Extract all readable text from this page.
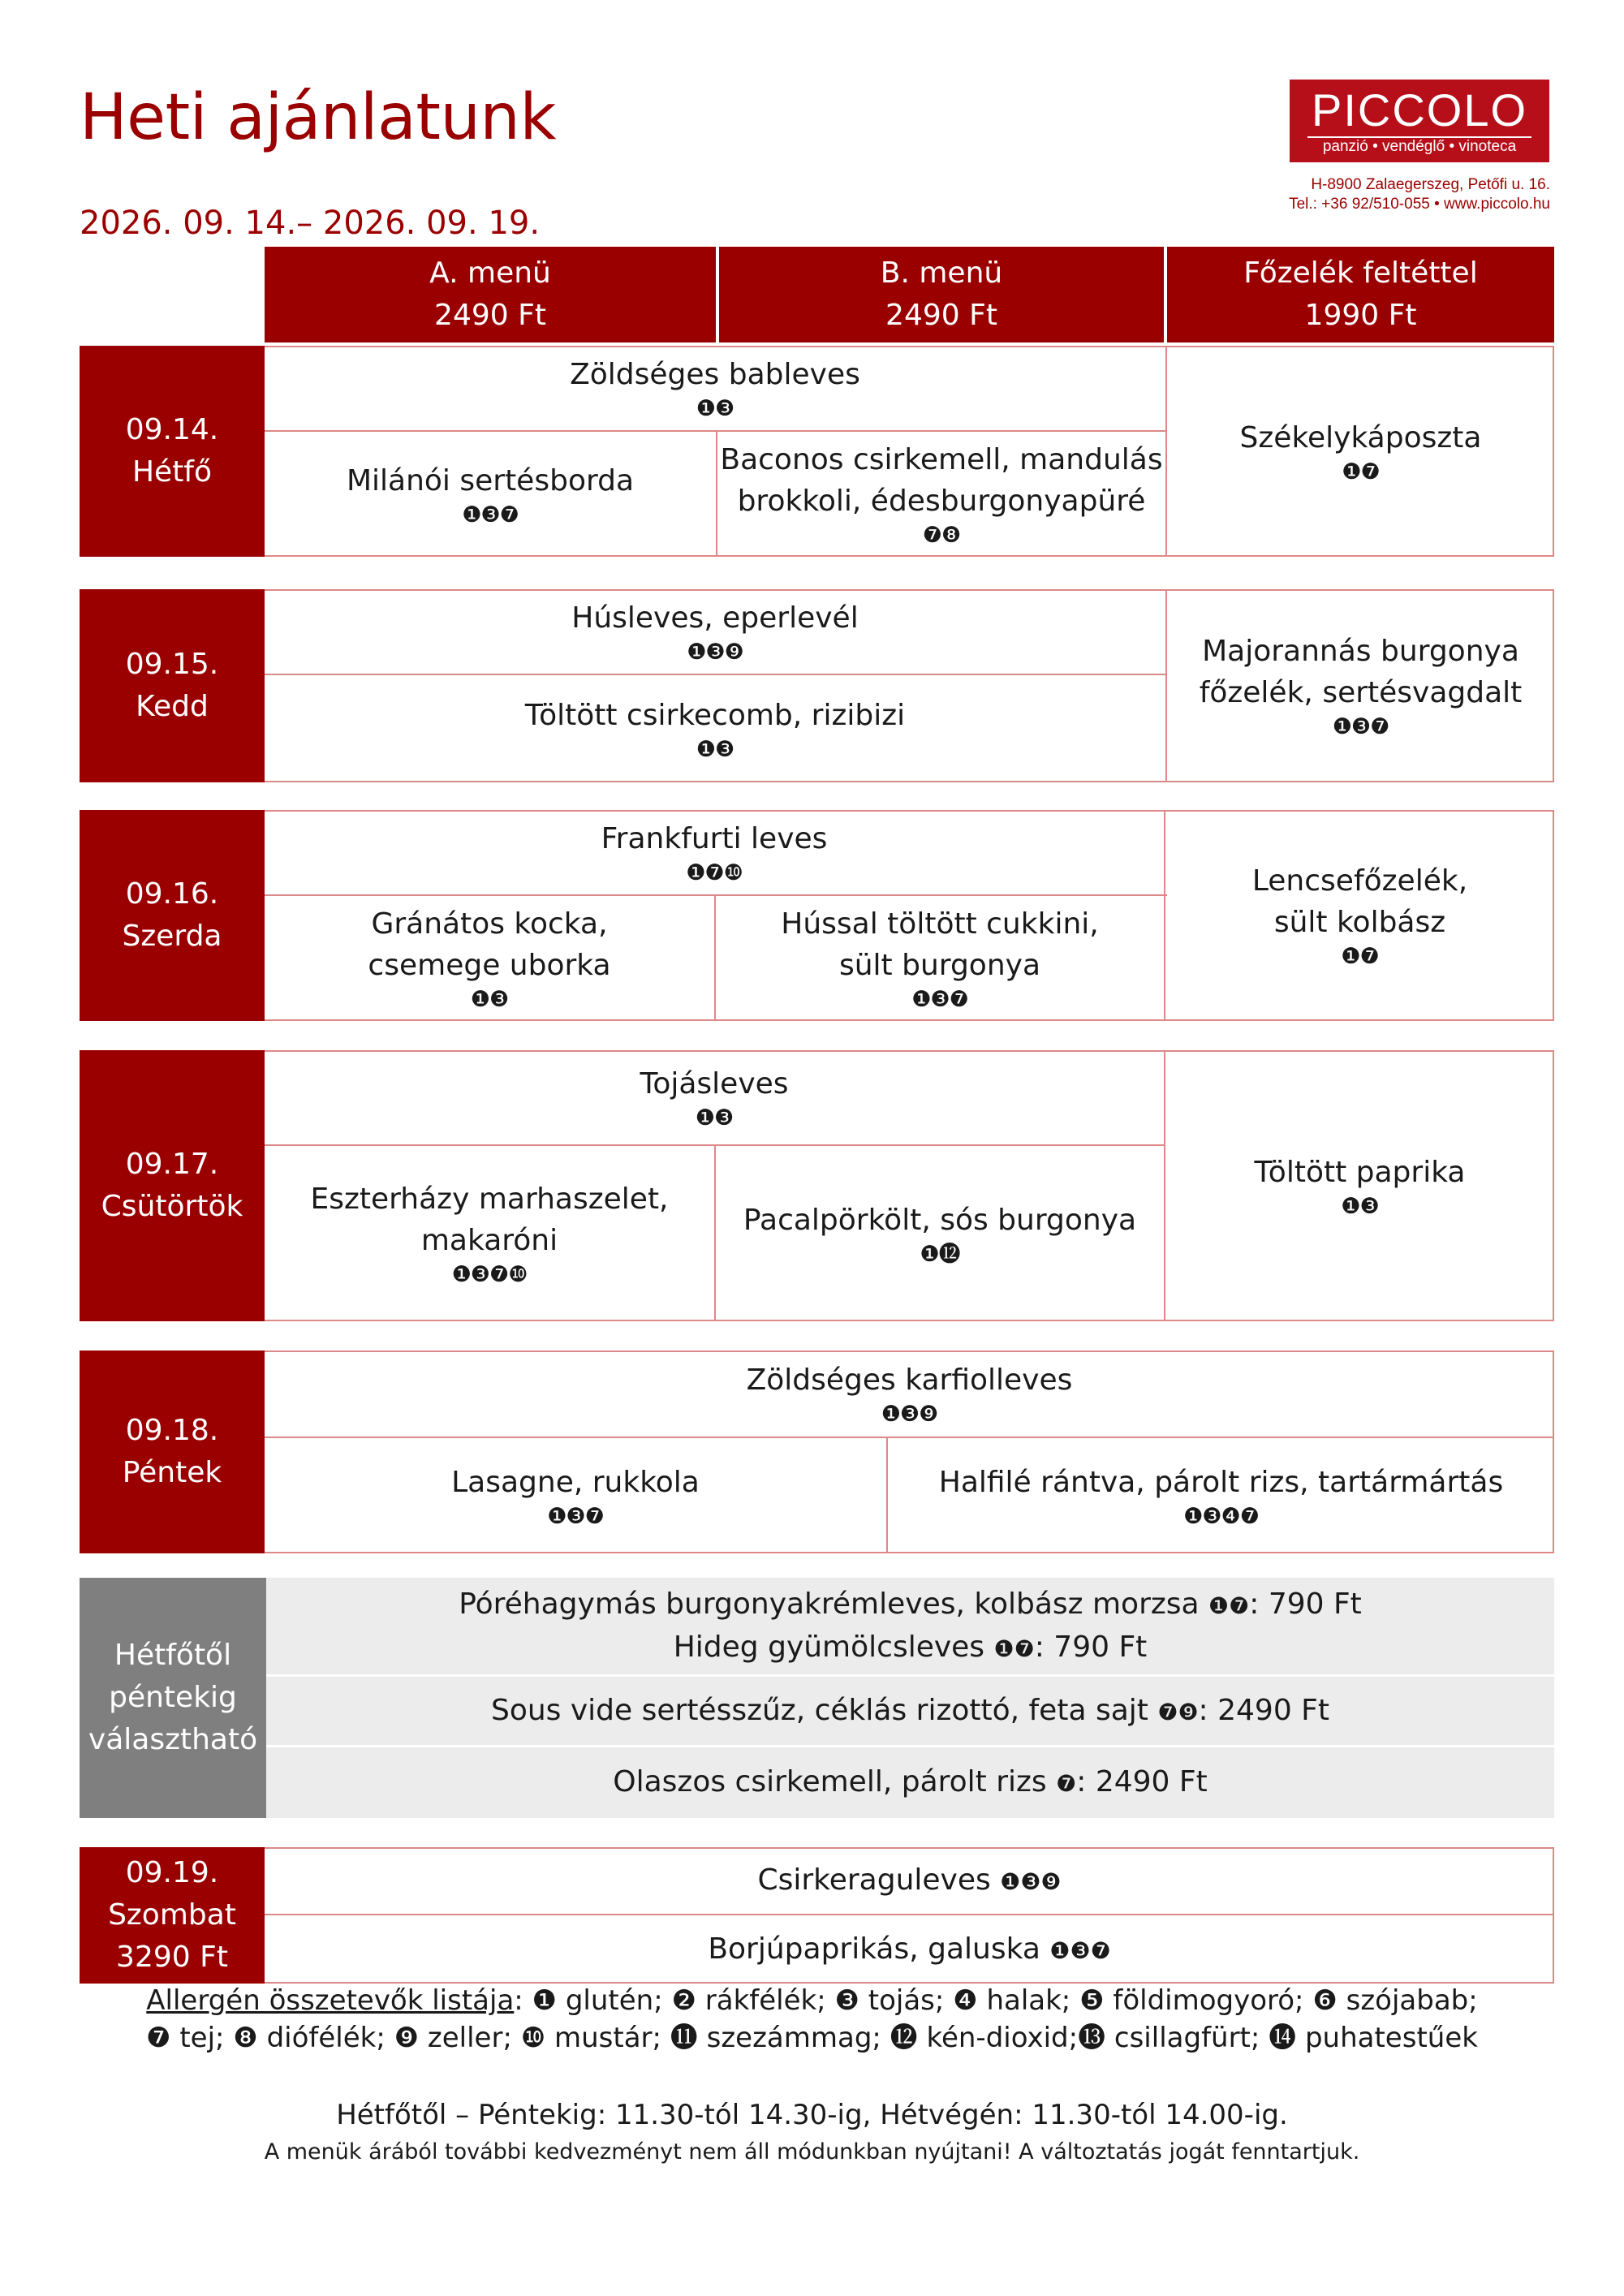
Heti ajánlatunk
2026. 09. 14.– 2026. 09. 19.
PICCOLO
panzió • vendéglő • vinoteca
H-8900 Zalaegerszeg, Petőfi u. 16.
Tel.: +36 92/510-055 • www.piccolo.hu
A. menü
2490 Ft
B. menü
2490 Ft
Főzelék feltéttel
1990 Ft
09.14.
Hétfő
Zöldséges bableves
❶❸
Milánói sertésborda
❶❸❼
Baconos csirkemell, mandulás
brokkoli, édesburgonyapüré
❼❽
Székelykáposzta
❶❼
09.15.
Kedd
Húsleves, eperlevél
❶❸❾
Töltött csirkecomb, rizibizi
❶❸
Majorannás burgonya
főzelék, sertésvagdalt
❶❸❼
09.16.
Szerda
Frankfurti leves
❶❼❿
Gránátos kocka,
csemege uborka
❶❸
Hússal töltött cukkini,
sült burgonya
❶❸❼
Lencsefőzelék,
sült kolbász
❶❼
09.17.
Csütörtök
Tojásleves
❶❸
Eszterházy marhaszelet,
makaróni
❶❸❼❿
Pacalpörkölt, sós burgonya
❶⓬
Töltött paprika
❶❸
09.18.
Péntek
Zöldséges karfiolleves
❶❸❾
Lasagne, rukkola
❶❸❼
Halfilé rántva, párolt rizs, tartármártás
❶❸❹❼
Hétfőtől
péntekig
választható
Póréhagymás burgonyakrémleves, kolbász morzsa ❶❼: 790 Ft
Hideg gyümölcsleves ❶❼: 790 Ft
Sous vide sertésszűz, céklás rizottó, feta sajt ❼❾: 2490 Ft
Olaszos csirkemell, párolt rizs ❼: 2490 Ft
09.19.
Szombat
3290 Ft
Csirkeraguleves ❶❸❾
Borjúpaprikás, galuska ❶❸❼
Allergén összetevők listája: ❶ glutén; ❷ rákfélék; ❸ tojás; ❹ halak; ❺ földimogyoró; ❻ szójabab;
❼ tej; ❽ diófélék; ❾ zeller; ❿ mustár; ⓫ szezámmag; ⓬ kén-dioxid;⓭ csillagfürt; ⓮ puhatestűek
Hétfőtől – Péntekig: 11.30-tól 14.30-ig, Hétvégén: 11.30-tól 14.00-ig.
A menük árából további kedvezményt nem áll módunkban nyújtani! A változtatás jogát fenntartjuk.
